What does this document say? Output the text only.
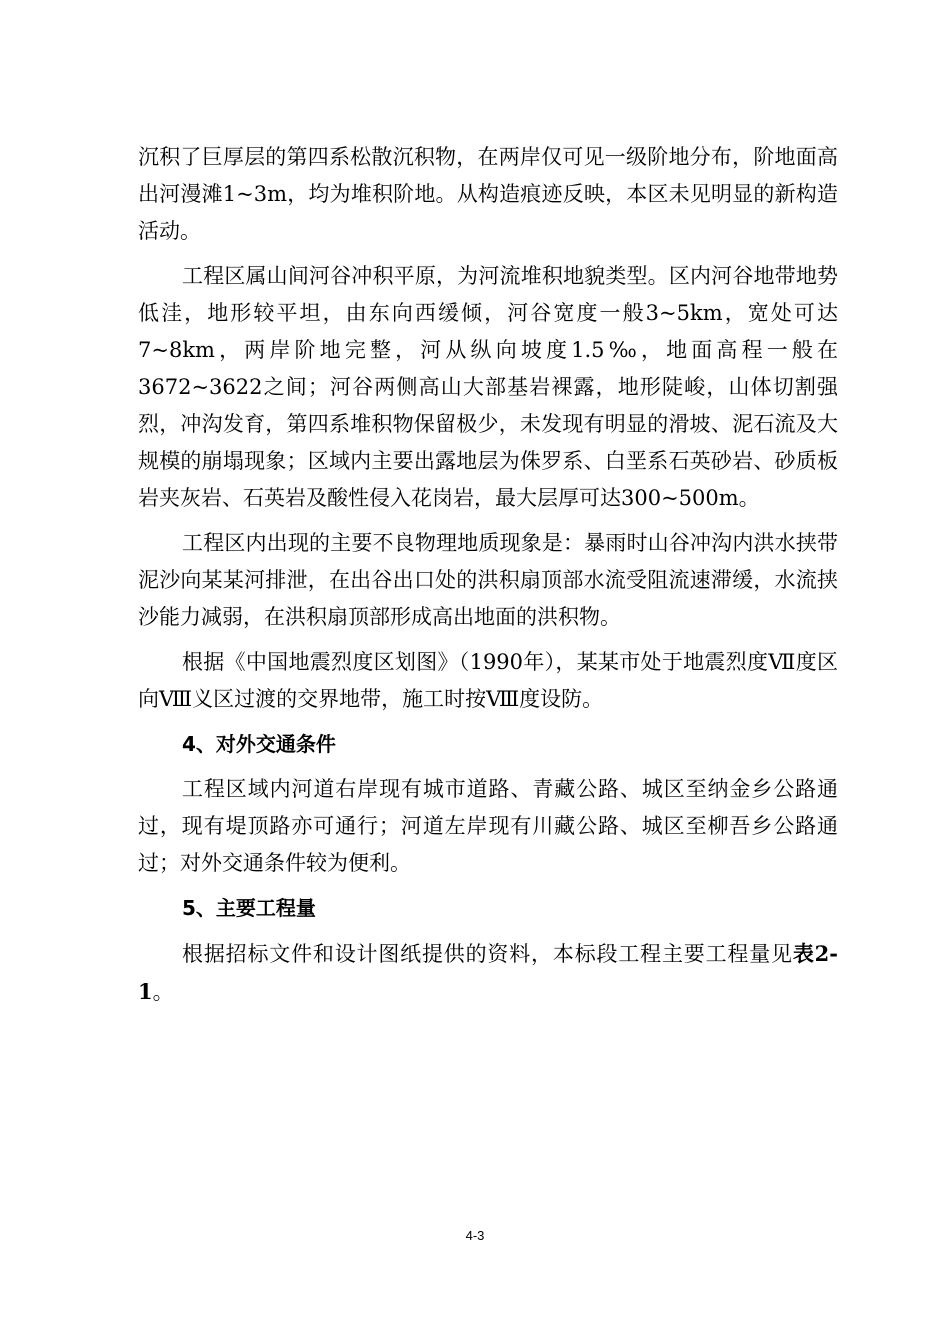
沉积了巨厚层的第四系松散沉积物，在两岸仅可见一级阶地分布，阶地面高出河漫滩1~3m，均为堆积阶地。从构造痕迹反映，本区未见明显的新构造活动。

工程区属山间河谷冲积平原，为河流堆积地貌类型。区内河谷地带地势低洼，地形较平坦，由东向西缓倾，河谷宽度一般3~5km，宽处可达7~8km，两岸阶地完整，河从纵向坡度1.5‰，地面高程一般在3672~3622之间；河谷两侧高山大部基岩裸露，地形陡峻，山体切割强烈，冲沟发育，第四系堆积物保留极少，未发现有明显的滑坡、泥石流及大规模的崩塌现象；区域内主要出露地层为侏罗系、白垩系石英砂岩、砂质板岩夹灰岩、石英岩及酸性侵入花岗岩，最大层厚可达300~500m。

工程区内出现的主要不良物理地质现象是：暴雨时山谷冲沟内洪水挟带泥沙向某某河排泄，在出谷出口处的洪积扇顶部水流受阻流速滞缓，水流挟沙能力减弱，在洪积扇顶部形成高出地面的洪积物。

根据《中国地震烈度区划图》（1990年），某某市处于地震烈度Ⅶ度区向Ⅷ义区过渡的交界地带，施工时按Ⅷ度设防。

4、对外交通条件

工程区域内河道右岸现有城市道路、青藏公路、城区至纳金乡公路通过，现有堤顶路亦可通行；河道左岸现有川藏公路、城区至柳吾乡公路通过；对外交通条件较为便利。

5、主要工程量

根据招标文件和设计图纸提供的资料，本标段工程主要工程量见表2-1。

4-3
